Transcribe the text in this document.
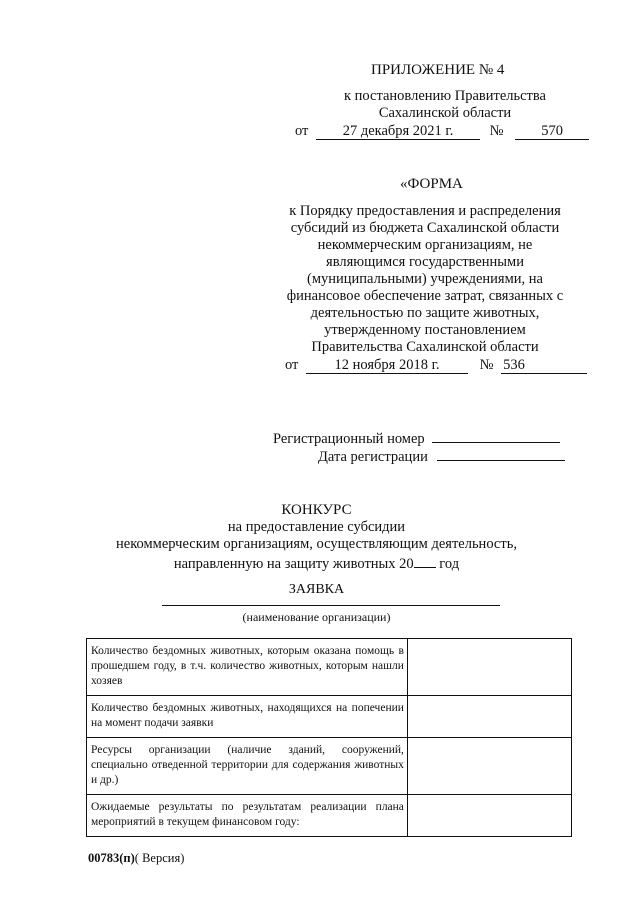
ПРИЛОЖЕНИЕ № 4
к постановлению Правительства
Сахалинской области
от 27 декабря 2021 г.	№	570
«ФОРМА
к Порядку предоставления и распределения
субсидий из бюджета Сахалинской области
некоммерческим организациям, не
являющимся государственными
(муниципальными) учреждениями, на
финансовое обеспечение затрат, связанных с
деятельностью по защите животных,
утвержденному постановлением
Правительства Сахалинской области
от 12 ноября 2018 г.	№ 536
Регистрационный номер
Дата регистрации
КОНКУРС
на предоставление субсидии
некоммерческим организациям, осуществляющим деятельность,
направленную на защиту животных 20 год
ЗАЯВКА
(наименование организации)
Количество бездомных животных, которым оказана помощь в прошедшем году, в т.ч. количество животных, которым нашли хозяев	
Количество бездомных животных, находящихся на попечении на момент подачи заявки	
Ресурсы организации (наличие зданий, сооружений, специально отведенной территории для содержания животных и др.)	
Ожидаемые результаты по результатам реализации плана мероприятий в текущем финансовом году:	
00783(п)( Версия)
